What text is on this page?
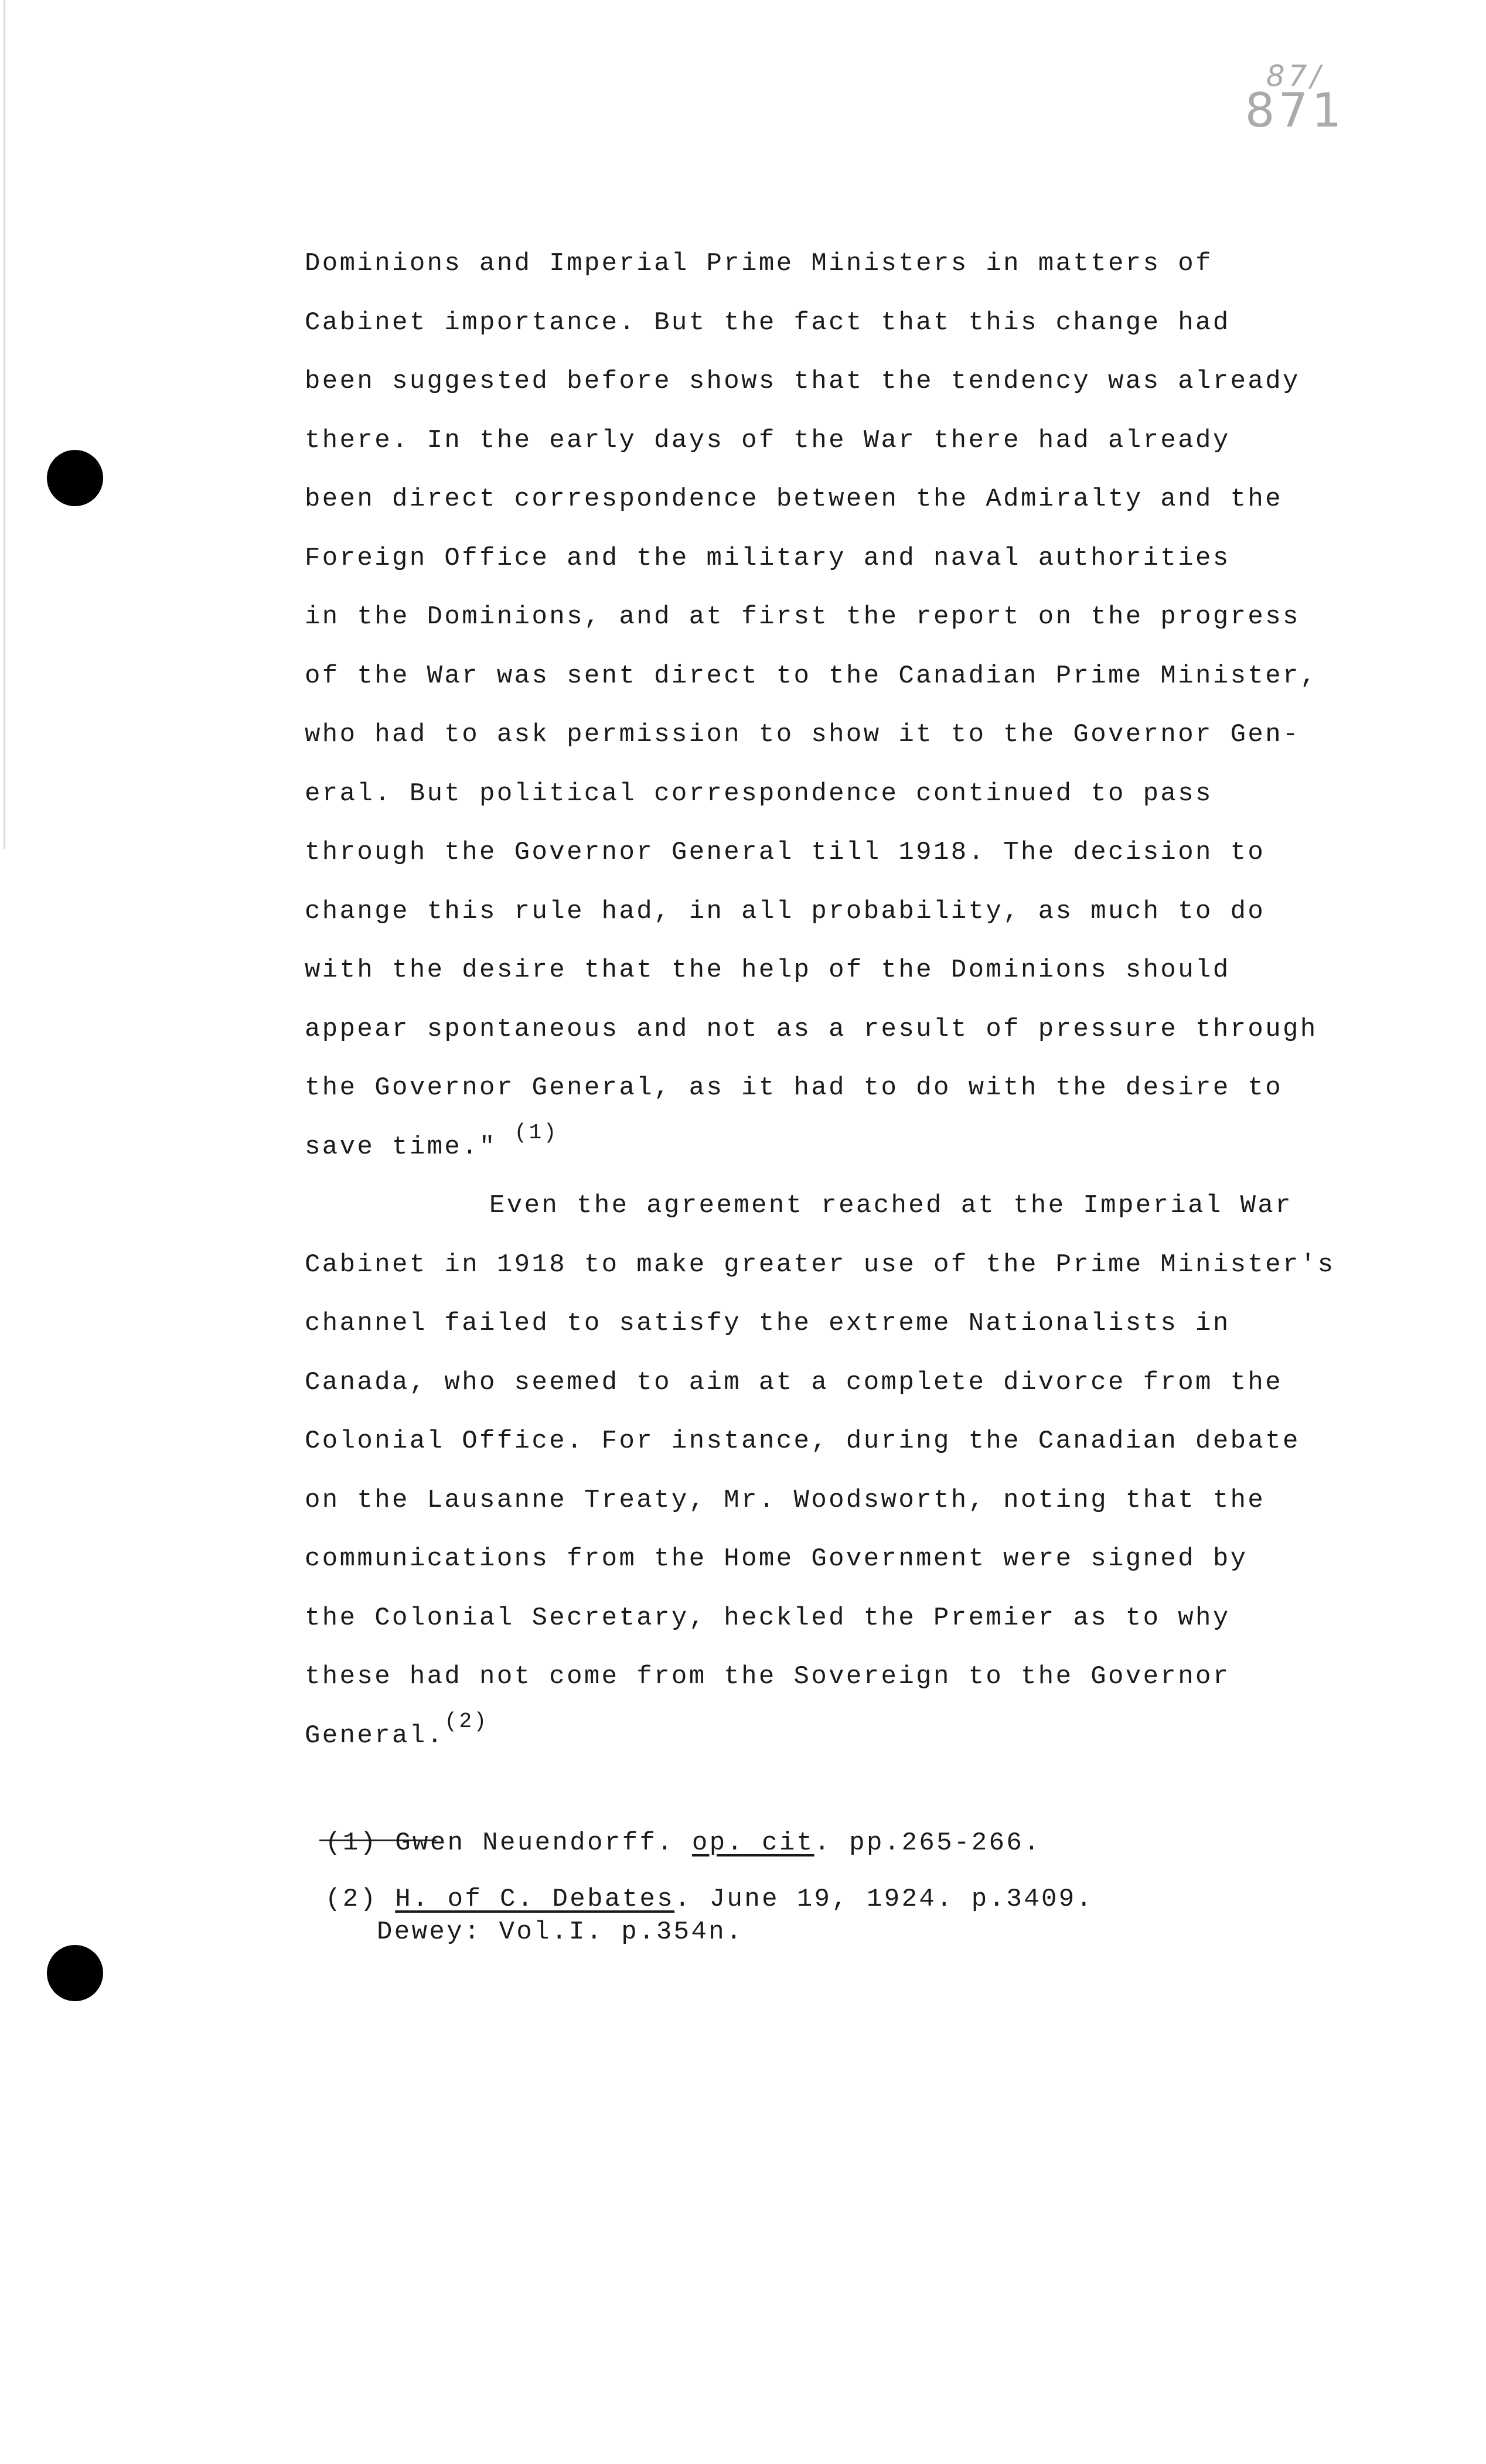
87/
871
Dominions and Imperial Prime Ministers in matters of
Cabinet importance. But the fact that this change had
been suggested before shows that the tendency was already
there. In the early days of the War there had already
been direct correspondence between the Admiralty and the
Foreign Office and the military and naval authorities
in the Dominions, and at first the report on the progress
of the War was sent direct to the Canadian Prime Minister,
who had to ask permission to show it to the Governor Gen-
eral. But political correspondence continued to pass
through the Governor General till 1918. The decision to
change this rule had, in all probability, as much to do
with the desire that the help of the Dominions should
appear spontaneous and not as a result of pressure through
the Governor General, as it had to do with the desire to
save time." $^{(1)}$
Even the agreement reached at the Imperial War
Cabinet in 1918 to make greater use of the Prime Minister's
channel failed to satisfy the extreme Nationalists in
Canada, who seemed to aim at a complete divorce from the
Colonial Office. For instance, during the Canadian debate
on the Lausanne Treaty, Mr. Woodsworth, noting that the
communications from the Home Government were signed by
the Colonial Secretary, heckled the Premier as to why
these had not come from the Sovereign to the Governor
General.$^{(2)}$
(1) Gwen Neuendorff. op. cit. pp.265-266.
(2) H. of C. Debates. June 19, 1924. p.3409.
Dewey: Vol.I. p.354n.
